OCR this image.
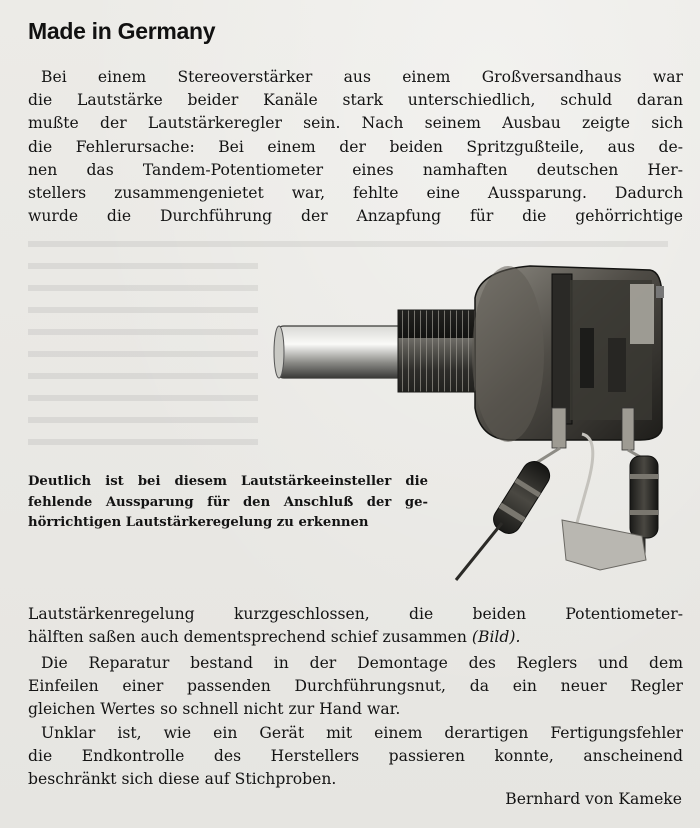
Made in Germany
Bei einem Stereoverstärker aus einem Großversandhaus war
die Lautstärke beider Kanäle stark unterschiedlich, schuld daran
mußte der Lautstärkeregler sein. Nach seinem Ausbau zeigte sich
die Fehlerursache: Bei einem der beiden Spritzgußteile, aus de-
nen das Tandem-Potentiometer eines namhaften deutschen Her-
stellers zusammengenietet war, fehlte eine Aussparung. Dadurch
wurde die Durchführung der Anzapfung für die gehörrichtige
Deutlich ist bei diesem Lautstärkeeinsteller die
fehlende Aussparung für den Anschluß der ge-
hörrichtigen Lautstärkeregelung zu erkennen
Lautstärkenregelung kurzgeschlossen, die beiden Potentiometer-
hälften saßen auch dementsprechend schief zusammen (Bild).
Die Reparatur bestand in der Demontage des Reglers und dem
Einfeilen einer passenden Durchführungsnut, da ein neuer Regler
gleichen Wertes so schnell nicht zur Hand war.
Unklar ist, wie ein Gerät mit einem derartigen Fertigungsfehler
die Endkontrolle des Herstellers passieren konnte, anscheinend
beschränkt sich diese auf Stichproben.
Bernhard von Kameke
